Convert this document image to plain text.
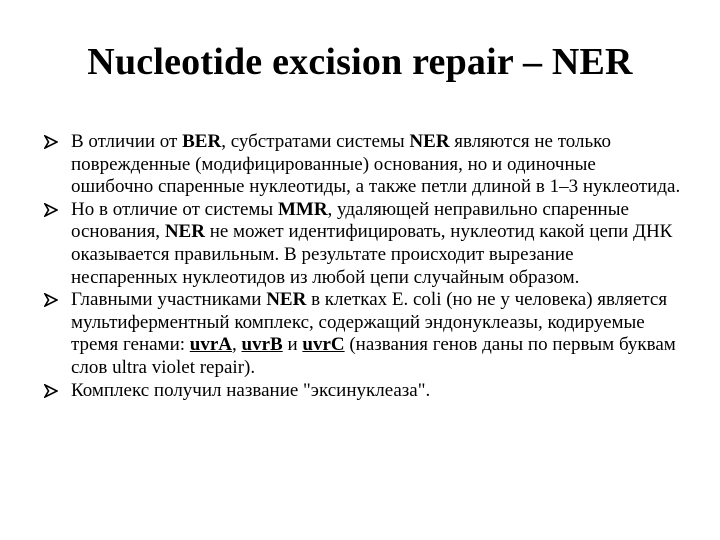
Nucleotide excision repair – NER
В отличии от BER, субстратами системы NER являются не только поврежденные (модифицированные) основания, но и одиночные ошибочно спаренные нуклеотиды, а также петли длиной в 1–3 нуклеотида.
Но в отличие от системы MMR, удаляющей неправильно спаренные основания, NER не может идентифицировать, нуклеотид какой цепи ДНК оказывается правильным. В результате происходит вырезание неспаренных нуклеотидов из любой цепи случайным образом.
Главными участниками NER в клетках E. coli (но не у человека) является мультиферментный комплекс, содержащий эндонуклеазы, кодируемые тремя генами: uvrA, uvrB и uvrC (названия генов даны по первым буквам слов ultra violet repair).
Комплекс получил название "эксинуклеаза".
